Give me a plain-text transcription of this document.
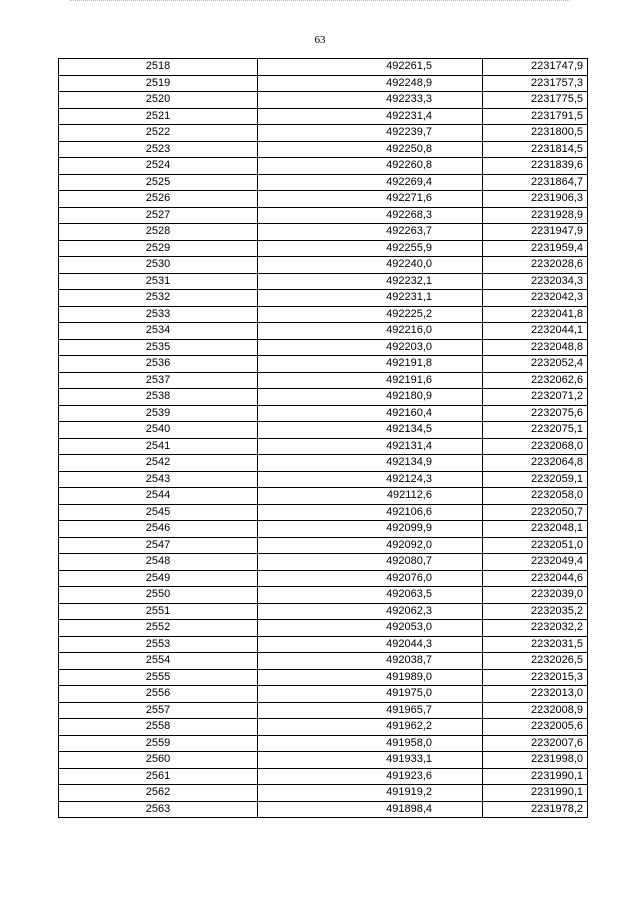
63
2518	492261,5	2231747,9
2519	492248,9	2231757,3
2520	492233,3	2231775,5
2521	492231,4	2231791,5
2522	492239,7	2231800,5
2523	492250,8	2231814,5
2524	492260,8	2231839,6
2525	492269,4	2231864,7
2526	492271,6	2231906,3
2527	492268,3	2231928,9
2528	492263,7	2231947,9
2529	492255,9	2231959,4
2530	492240,0	2232028,6
2531	492232,1	2232034,3
2532	492231,1	2232042,3
2533	492225,2	2232041,8
2534	492216,0	2232044,1
2535	492203,0	2232048,8
2536	492191,8	2232052,4
2537	492191,6	2232062,6
2538	492180,9	2232071,2
2539	492160,4	2232075,6
2540	492134,5	2232075,1
2541	492131,4	2232068,0
2542	492134,9	2232064,8
2543	492124,3	2232059,1
2544	492112,6	2232058,0
2545	492106,6	2232050,7
2546	492099,9	2232048,1
2547	492092,0	2232051,0
2548	492080,7	2232049,4
2549	492076,0	2232044,6
2550	492063,5	2232039,0
2551	492062,3	2232035,2
2552	492053,0	2232032,2
2553	492044,3	2232031,5
2554	492038,7	2232026,5
2555	491989,0	2232015,3
2556	491975,0	2232013,0
2557	491965,7	2232008,9
2558	491962,2	2232005,6
2559	491958,0	2232007,6
2560	491933,1	2231998,0
2561	491923,6	2231990,1
2562	491919,2	2231990,1
2563	491898,4	2231978,2
